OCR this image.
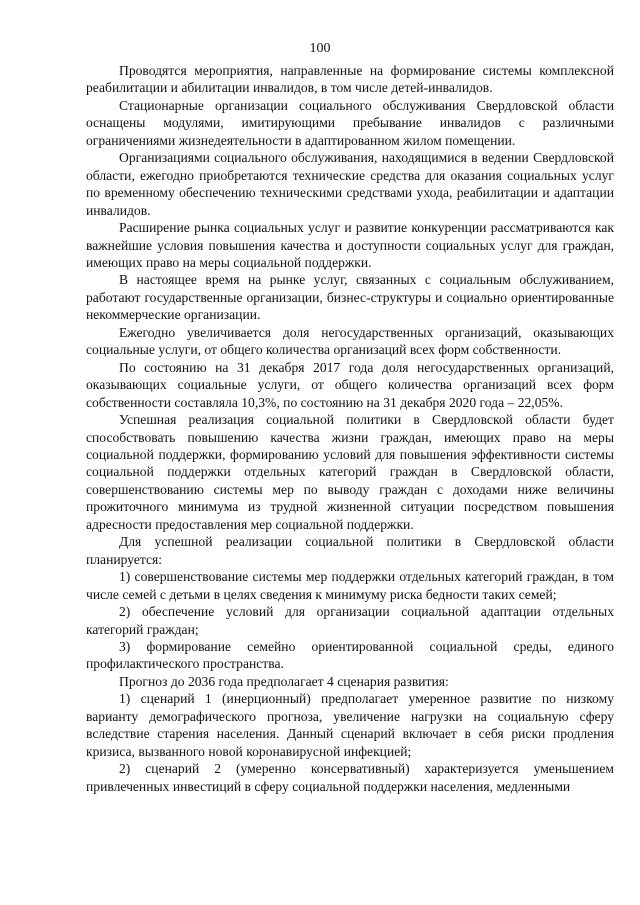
100

Проводятся мероприятия, направленные на формирование системы комплексной реабилитации и абилитации инвалидов, в том числе детей-инвалидов.

Стационарные организации социального обслуживания Свердловской области оснащены модулями, имитирующими пребывание инвалидов с различными ограничениями жизнедеятельности в адаптированном жилом помещении.

Организациями социального обслуживания, находящимися в ведении Свердловской области, ежегодно приобретаются технические средства для оказания социальных услуг по временному обеспечению техническими средствами ухода, реабилитации и адаптации инвалидов.

Расширение рынка социальных услуг и развитие конкуренции рассматриваются как важнейшие условия повышения качества и доступности социальных услуг для граждан, имеющих право на меры социальной поддержки.

В настоящее время на рынке услуг, связанных с социальным обслуживанием, работают государственные организации, бизнес-структуры и социально ориентированные некоммерческие организации.

Ежегодно увеличивается доля негосударственных организаций, оказывающих социальные услуги, от общего количества организаций всех форм собственности.

По состоянию на 31 декабря 2017 года доля негосударственных организаций, оказывающих социальные услуги, от общего количества организаций всех форм собственности составляла 10,3%, по состоянию на 31 декабря 2020 года – 22,05%.

Успешная реализация социальной политики в Свердловской области будет способствовать повышению качества жизни граждан, имеющих право на меры социальной поддержки, формированию условий для повышения эффективности системы социальной поддержки отдельных категорий граждан в Свердловской области, совершенствованию системы мер по выводу граждан с доходами ниже величины прожиточного минимума из трудной жизненной ситуации посредством повышения адресности предоставления мер социальной поддержки.

Для успешной реализации социальной политики в Свердловской области планируется:

1) совершенствование системы мер поддержки отдельных категорий граждан, в том числе семей с детьми в целях сведения к минимуму риска бедности таких семей;

2) обеспечение условий для организации социальной адаптации отдельных категорий граждан;

3) формирование семейно ориентированной социальной среды, единого профилактического пространства.

Прогноз до 2036 года предполагает 4 сценария развития:

1) сценарий 1 (инерционный) предполагает умеренное развитие по низкому варианту демографического прогноза, увеличение нагрузки на социальную сферу вследствие старения населения. Данный сценарий включает в себя риски продления кризиса, вызванного новой коронавирусной инфекцией;

2) сценарий 2 (умеренно консервативный) характеризуется уменьшением привлеченных инвестиций в сферу социальной поддержки населения, медленными
